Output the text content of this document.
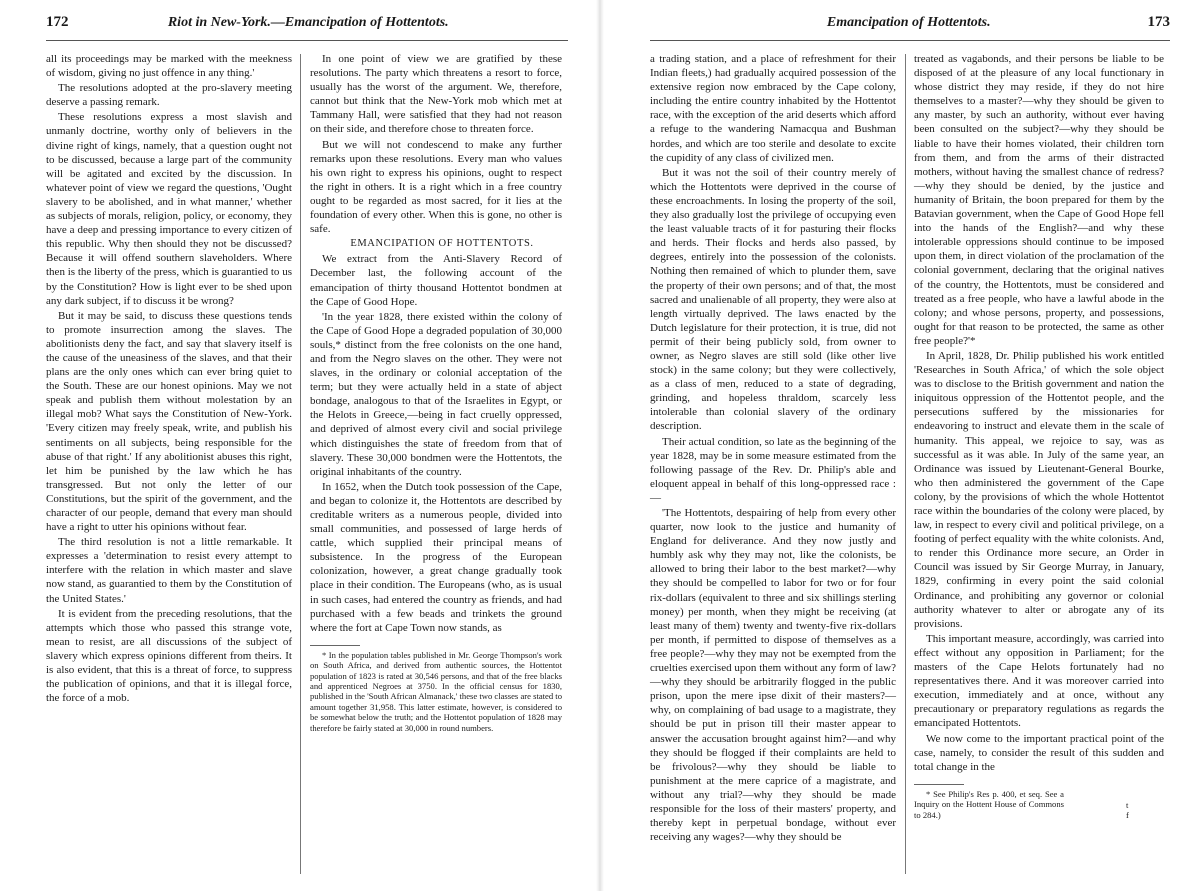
172	Riot in New-York.—Emancipation of Hottentots.

all its proceedings may be marked with the meekness of wisdom, giving no just offence in any thing.'

The resolutions adopted at the pro-slavery meeting deserve a passing remark.

These resolutions express a most slavish and unmanly doctrine, worthy only of believers in the divine right of kings, namely, that a question ought not to be discussed, because a large part of the community will be agitated and excited by the discussion. In whatever point of view we regard the questions, 'Ought slavery to be abolished, and in what manner,' whether as subjects of morals, religion, policy, or economy, they have a deep and pressing importance to every citizen of this republic. Why then should they not be discussed? Because it will offend southern slaveholders. Where then is the liberty of the press, which is guarantied to us by the Constitution? How is light ever to be shed upon any dark subject, if to discuss it be wrong?

But it may be said, to discuss these questions tends to promote insurrection among the slaves. The abolitionists deny the fact, and say that slavery itself is the cause of the uneasiness of the slaves, and that their plans are the only ones which can ever bring quiet to the South. These are our honest opinions. May we not speak and publish them without molestation by an illegal mob? What says the Constitution of New-York. 'Every citizen may freely speak, write, and publish his sentiments on all subjects, being responsible for the abuse of that right.' If any abolitionist abuses this right, let him be punished by the law which he has transgressed. But not only the letter of our Constitutions, but the spirit of the government, and the character of our people, demand that every man should have a right to utter his opinions without fear.

The third resolution is not a little remarkable. It expresses a 'determination to resist every attempt to interfere with the relation in which master and slave now stand, as guarantied to them by the Constitution of the United States.'

It is evident from the preceding resolutions, that the attempts which those who passed this strange vote, mean to resist, are all discussions of the subject of slavery which express opinions different from theirs. It is also evident, that this is a threat of force, to suppress the publication of opinions, and that it is illegal force, the force of a mob.

In one point of view we are gratified by these resolutions. The party which threatens a resort to force, usually has the worst of the argument. We, therefore, cannot but think that the New-York mob which met at Tammany Hall, were satisfied that they had not reason on their side, and therefore chose to threaten force.

But we will not condescend to make any further remarks upon these resolutions. Every man who values his own right to express his opinions, ought to respect the right in others. It is a right which in a free country ought to be regarded as most sacred, for it lies at the foundation of every other. When this is gone, no other is safe.

EMANCIPATION OF HOTTENTOTS.

We extract from the Anti-Slavery Record of December last, the following account of the emancipation of thirty thousand Hottentot bondmen at the Cape of Good Hope.

'In the year 1828, there existed within the colony of the Cape of Good Hope a degraded population of 30,000 souls,* distinct from the free colonists on the one hand, and from the Negro slaves on the other. They were not slaves, in the ordinary or colonial acceptation of the term; but they were actually held in a state of abject bondage, analogous to that of the Israelites in Egypt, or the Helots in Greece,—being in fact cruelly oppressed, and deprived of almost every civil and social privilege which distinguishes the state of freedom from that of slavery. These 30,000 bondmen were the Hottentots, the original inhabitants of the country.

In 1652, when the Dutch took possession of the Cape, and began to colonize it, the Hottentots are described by creditable writers as a numerous people, divided into small communities, and possessed of large herds of cattle, which supplied their principal means of subsistence. In the progress of the European colonization, however, a great change gradually took place in their condition. The Europeans (who, as is usual in such cases, had entered the country as friends, and had purchased with a few beads and trinkets the ground where the fort at Cape Town now stands, as

* In the population tables published in Mr. George Thompson's work on South Africa, and derived from authentic sources, the Hottentot population of 1823 is rated at 30,546 persons, and that of the free blacks and apprenticed Negroes at 3750. In the official census for 1830, published in the 'South African Almanack,' these two classes are stated to amount together 31,958. This latter estimate, however, is considered to be somewhat below the truth; and the Hottentot population of 1828 may therefore be fairly stated at 30,000 in round numbers.

Emancipation of Hottentots.	173

a trading station, and a place of refreshment for their Indian fleets,) had gradually acquired possession of the extensive region now embraced by the Cape colony, including the entire country inhabited by the Hottentot race, with the exception of the arid deserts which afford a refuge to the wandering Namacqua and Bushman hordes, and which are too sterile and desolate to excite the cupidity of any class of civilized men.

But it was not the soil of their country merely of which the Hottentots were deprived in the course of these encroachments. In losing the property of the soil, they also gradually lost the privilege of occupying even the least valuable tracts of it for pasturing their flocks and herds. Their flocks and herds also passed, by degrees, entirely into the possession of the colonists. Nothing then remained of which to plunder them, save the property of their own persons; and of that, the most sacred and unalienable of all property, they were also at length virtually deprived. The laws enacted by the Dutch legislature for their protection, it is true, did not permit of their being publicly sold, from owner to owner, as Negro slaves are still sold (like other live stock) in the same colony; but they were collectively, as a class of men, reduced to a state of degrading, grinding, and hopeless thraldom, scarcely less intolerable than colonial slavery of the ordinary description.

Their actual condition, so late as the beginning of the year 1828, may be in some measure estimated from the following passage of the Rev. Dr. Philip's able and eloquent appeal in behalf of this long-oppressed race :—

'The Hottentots, despairing of help from every other quarter, now look to the justice and humanity of England for deliverance. And they now justly and humbly ask why they may not, like the colonists, be allowed to bring their labor to the best market?—why they should be compelled to labor for two or for four rix-dollars (equivalent to three and six shillings sterling money) per month, when they might be receiving (at least many of them) twenty and twenty-five rix-dollars per month, if permitted to dispose of themselves as a free people?—why they may not be exempted from the cruelties exercised upon them without any form of law?—why they should be arbitrarily flogged in the public prison, upon the mere ipse dixit of their masters?—why, on complaining of bad usage to a magistrate, they should be put in prison till their master appear to answer the accusation brought against him?—and why they should be flogged if their complaints are held to be frivolous?—why they should be liable to punishment at the mere caprice of a magistrate, and without any trial?—why they should be made responsible for the loss of their masters' property, and thereby kept in perpetual bondage, without ever receiving any wages?—why they should be

treated as vagabonds, and their persons be liable to be disposed of at the pleasure of any local functionary in whose district they may reside, if they do not hire themselves to a master?—why they should be given to any master, by such an authority, without ever having been consulted on the subject?—why they should be liable to have their homes violated, their children torn from them, and from the arms of their distracted mothers, without having the smallest chance of redress?—why they should be denied, by the justice and humanity of Britain, the boon prepared for them by the Batavian government, when the Cape of Good Hope fell into the hands of the English?—and why these intolerable oppressions should continue to be imposed upon them, in direct violation of the proclamation of the colonial government, declaring that the original natives of the country, the Hottentots, must be considered and treated as a free people, who have a lawful abode in the colony; and whose persons, property, and possessions, ought for that reason to be protected, the same as other free people?'*

In April, 1828, Dr. Philip published his work entitled 'Researches in South Africa,' of which the sole object was to disclose to the British government and nation the iniquitous oppression of the Hottentot people, and the persecutions suffered by the missionaries for endeavoring to instruct and elevate them in the scale of humanity. This appeal, we rejoice to say, was as successful as it was able. In July of the same year, an Ordinance was issued by Lieutenant-General Bourke, who then administered the government of the Cape colony, by the provisions of which the whole Hottentot race within the boundaries of the colony were placed, by law, in respect to every civil and political privilege, on a footing of perfect equality with the white colonists. And, to render this Ordinance more secure, an Order in Council was issued by Sir George Murray, in January, 1829, confirming in every point the said colonial Ordinance, and prohibiting any governor or colonial authority whatever to alter or abrogate any of its provisions.

This important measure, accordingly, was carried into effect without any opposition in Parliament; for the masters of the Cape Helots fortunately had no representatives there. And it was moreover carried into execution, immediately and at once, without any precautionary or preparatory regulations as regards the emancipated Hottentots.

We now come to the important practical point of the case, namely, to consider the result of this sudden and total change in the

* See Philip's Res p. 400, et seq. See a Inquiry on the Hottent House of Commons to 284.)

t
f
